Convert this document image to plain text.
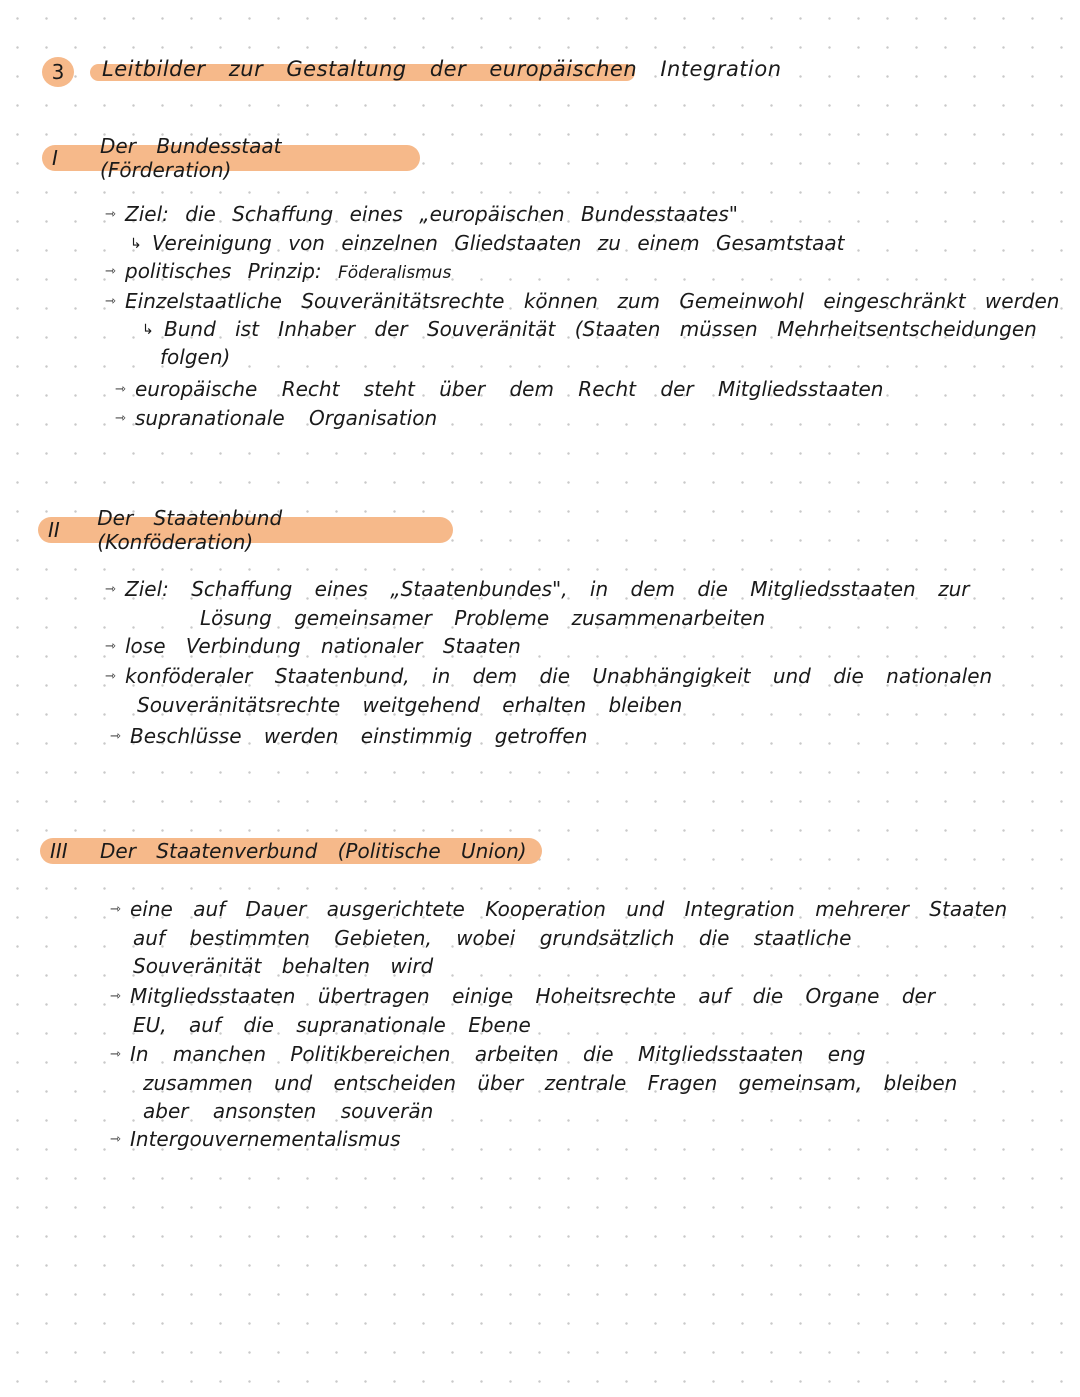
3 Leitbilder zur Gestaltung der europäischen Integration
I	Der Bundesstaat (Förderation)
⇾ Ziel: die Schaffung eines „europäischen Bundesstaates"
↳ Vereinigung von einzelnen Gliedstaaten zu einem Gesamtstaat
⇾ politisches Prinzip: Föderalismus
⇾ Einzelstaatliche Souveränitätsrechte können zum Gemeinwohl eingeschränkt werden
↳ Bund ist Inhaber der Souveränität (Staaten müssen Mehrheitsentscheidungen
folgen)
⇾ europäische Recht steht über dem Recht der Mitgliedsstaaten
⇾ supranationale Organisation
II	Der Staatenbund (Konföderation)
⇾ Ziel: Schaffung eines „Staatenbundes", in dem die Mitgliedsstaaten zur
Lösung gemeinsamer Probleme zusammenarbeiten
⇾ lose Verbindung nationaler Staaten
⇾ konföderaler Staatenbund, in dem die Unabhängigkeit und die nationalen
Souveränitätsrechte weitgehend erhalten bleiben
⇾ Beschlüsse werden einstimmig getroffen
III	Der Staatenverbund (Politische Union)
⇾ eine auf Dauer ausgerichtete Kooperation und Integration mehrerer Staaten
auf bestimmten Gebieten, wobei grundsätzlich die staatliche
Souveränität behalten wird
⇾ Mitgliedsstaaten übertragen einige Hoheitsrechte auf die Organe der
EU, auf die supranationale Ebene
⇾ In manchen Politikbereichen arbeiten die Mitgliedsstaaten eng
zusammen und entscheiden über zentrale Fragen gemeinsam, bleiben
aber ansonsten souverän
⇾ Intergouvernementalismus
